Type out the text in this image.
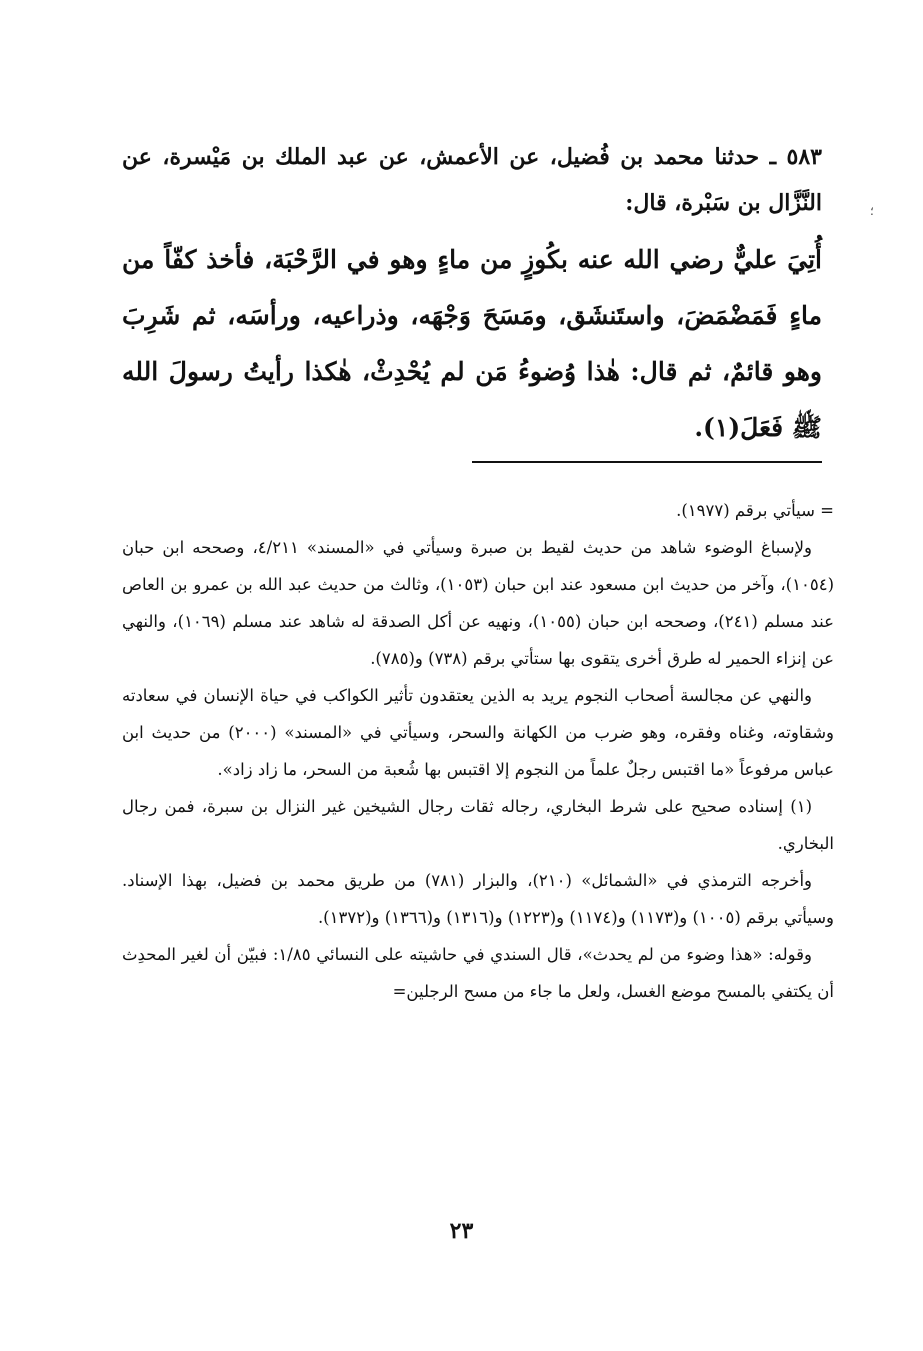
؛
٥٨٣ ـ حدثنا محمد بن فُضيل، عن الأعمش، عن عبد الملك بن مَيْسرة، عن النَّزَّال بن سَبْرة، قال:
أُتِيَ عليٌّ رضي الله عنه بكُوزٍ من ماءٍ وهو في الرَّحْبَة، فأخذ كفّاً من ماءٍ فَمَضْمَضَ، واستَنشَق، ومَسَحَ وَجْهَه، وذراعيه، ورأسَه، ثم شَرِبَ وهو قائمٌ، ثم قال: هٰذا وُضوءُ مَن لم يُحْدِثْ، هٰكذا رأيتُ رسولَ الله ﷺ فَعَلَ(١).

= سيأتي برقم (١٩٧٧).

ولإسباغ الوضوء شاهد من حديث لقيط بن صبرة وسيأتي في «المسند» ٤/٢١١، وصححه ابن حبان (١٠٥٤)، وآخر من حديث ابن مسعود عند ابن حبان (١٠٥٣)، وثالث من حديث عبد الله بن عمرو بن العاص عند مسلم (٢٤١)، وصححه ابن حبان (١٠٥٥)، ونهيه عن أكل الصدقة له شاهد عند مسلم (١٠٦٩)، والنهي عن إنزاء الحمير له طرق أخرى يتقوى بها ستأتي برقم (٧٣٨) و(٧٨٥).

والنهي عن مجالسة أصحاب النجوم يريد به الذين يعتقدون تأثير الكواكب في حياة الإنسان في سعادته وشقاوته، وغناه وفقره، وهو ضرب من الكهانة والسحر، وسيأتي في «المسند» (٢٠٠٠) من حديث ابن عباس مرفوعاً «ما اقتبس رجلٌ علماً من النجوم إلا اقتبس بها شُعبة من السحر، ما زاد زاد».

(١) إسناده صحيح على شرط البخاري، رجاله ثقات رجال الشيخين غير النزال بن سبرة، فمن رجال البخاري.

وأخرجه الترمذي في «الشمائل» (٢١٠)، والبزار (٧٨١) من طريق محمد بن فضيل، بهذا الإسناد. وسيأتي برقم (١٠٠٥) و(١١٧٣) و(١١٧٤) و(١٢٢٣) و(١٣١٦) و(١٣٦٦) و(١٣٧٢).

وقوله: «هذا وضوء من لم يحدث»، قال السندي في حاشيته على النسائي ١/٨٥: فبيّن أن لغير المحدِث أن يكتفي بالمسح موضع الغسل، ولعل ما جاء من مسح الرجلين=

٢٣
